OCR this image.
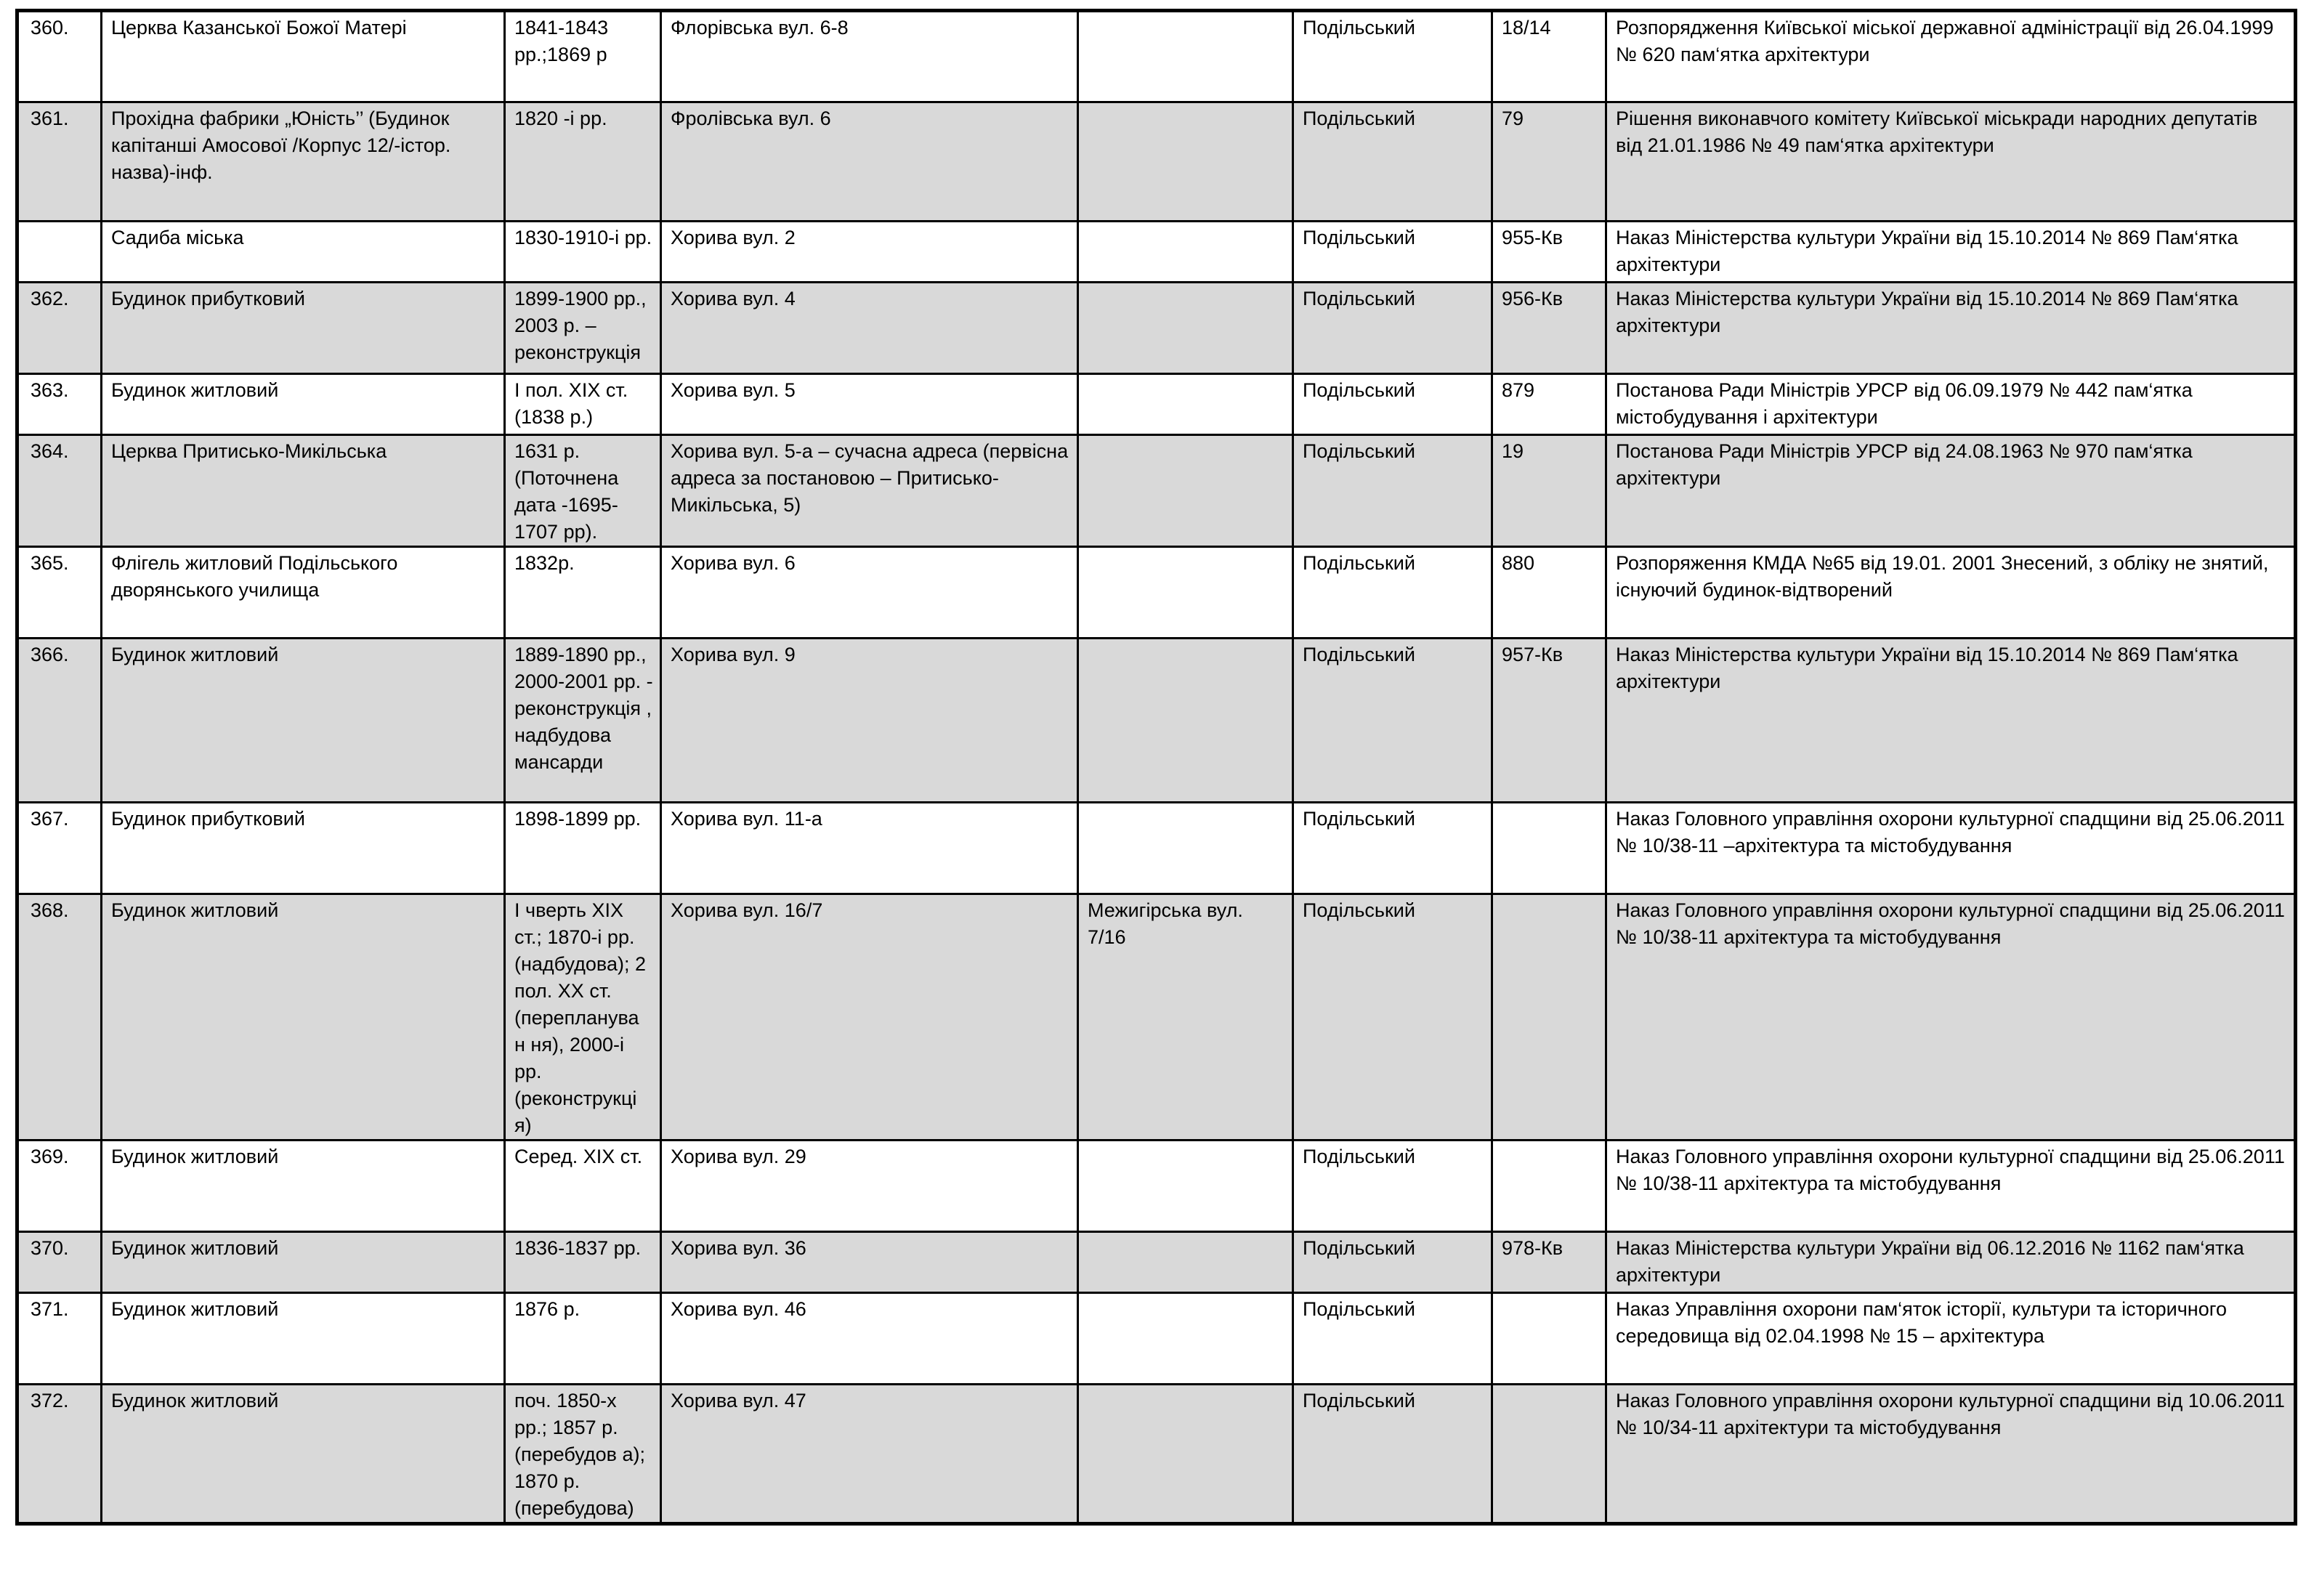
360.	Церква Казанської Божої Матері	1841-1843 рр.;1869 р	Флорівська вул. 6-8		Подільський	18/14	Розпорядження Київської міської державної адміністрації від 26.04.1999 № 620 пам‘ятка архітектури
361.	Прохідна фабрики „Юність’’ (Будинок капітанші Амосової /Корпус 12/-істор. назва)-інф.	1820 -і рр.	Фролівська вул. 6		Подільський	79	Рішення виконавчого комітету Київської міськради народних депутатів від 21.01.1986 № 49 пам‘ятка архітектури
	Садиба міська	1830-1910-і рр.	Хорива вул. 2		Подільський	955-Кв	Наказ Міністерства культури України від 15.10.2014 № 869 Пам‘ятка архітектури
362.	Будинок прибутковий	1899-1900 рр., 2003 р. – реконструкція	Хорива вул. 4		Подільський	956-Кв	Наказ Міністерства культури України від 15.10.2014 № 869 Пам‘ятка архітектури
363.	Будинок житловий	І пол. ХІХ ст.(1838 р.)	Хорива вул. 5		Подільський	879	Постанова Ради Міністрів УРСР від 06.09.1979 № 442 пам‘ятка містобудування і архітектури
364.	Церква Притисько-Микільська	1631 р. (Поточнена дата -1695-1707 рр).	Хорива вул. 5-а – сучасна адреса (первісна адреса за постановою – Притисько-Микільська, 5)		Подільський	19	Постанова Ради Міністрів УРСР від 24.08.1963 № 970 пам‘ятка архітектури
365.	Флігель житловий Подільського дворянського училища	1832р.	Хорива вул. 6		Подільський	880	Розпоряження КМДА №65 від 19.01. 2001 Знесений, з обліку не знятий, існуючий будинок-відтворений
366.	Будинок житловий	1889-1890 рр., 2000-2001 рр. - реконструкція , надбудова мансарди	Хорива вул. 9		Подільський	957-Кв	Наказ Міністерства культури України від 15.10.2014 № 869 Пам‘ятка архітектури
367.	Будинок прибутковий	1898-1899 рр.	Хорива вул. 11-а		Подільський		Наказ Головного управління охорони культурної спадщини від 25.06.2011 № 10/38-11 –архітектура та містобудування
368.	Будинок житловий	І чверть ХІХ ст.; 1870-і рр. (надбудова); 2 пол. ХХ ст. (перепланува н ня), 2000-і рр. (реконструкці я)	Хорива вул. 16/7	Межигірська вул. 7/16	Подільський		Наказ Головного управління охорони культурної спадщини від 25.06.2011 № 10/38-11 архітектура та містобудування
369.	Будинок житловий	Серед. ХІХ ст.	Хорива вул. 29		Подільський		Наказ Головного управління охорони культурної спадщини від 25.06.2011 № 10/38-11 архітектура та містобудування
370.	Будинок житловий	1836-1837 рр.	Хорива вул. 36		Подільський	978-Кв	Наказ Міністерства культури України від 06.12.2016 № 1162 пам‘ятка архітектури
371.	Будинок житловий	1876 р.	Хорива вул. 46		Подільський		Наказ Управління охорони пам‘яток історії, культури та історичного середовища від 02.04.1998 № 15 – архітектура
372.	Будинок житловий	поч. 1850-х рр.; 1857 р.(перебудов а); 1870 р. (перебудова)	Хорива вул. 47		Подільський		Наказ Головного управління охорони культурної спадщини від 10.06.2011 № 10/34-11 архітектури та містобудування
